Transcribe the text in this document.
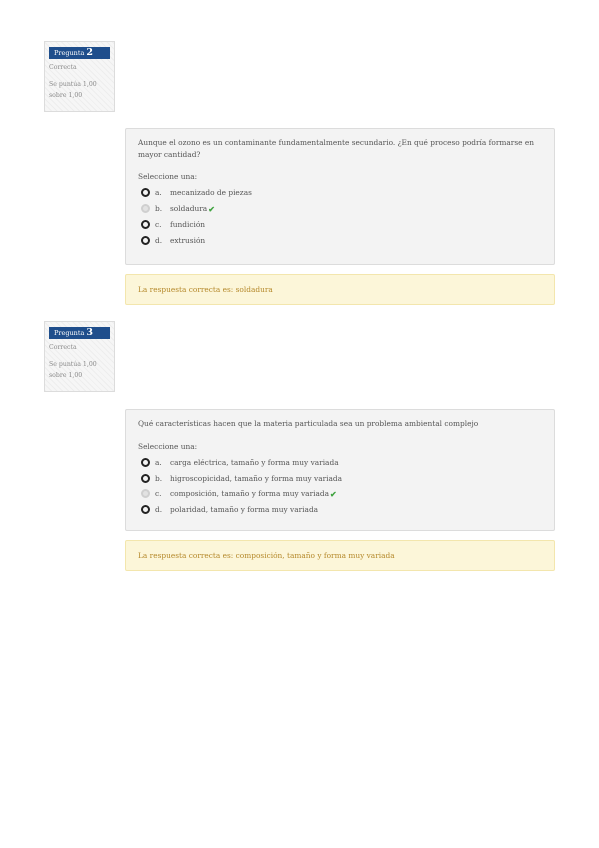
Pregunta 2
Correcta
Se puntúa 1,00
sobre 1,00
Aunque el ozono es un contaminante fundamentalmente secundario. ¿En qué proceso podría formarse en mayor cantidad?
Seleccione una:
a.	mecanizado de piezas
b.	soldadura ✔
c.	fundición
d.	extrusión
La respuesta correcta es: soldadura
Pregunta 3
Correcta
Se puntúa 1,00
sobre 1,00
Qué características hacen que la materia particulada sea un problema ambiental complejo
Seleccione una:
a.	carga eléctrica, tamaño y forma muy variada
b.	higroscopicidad, tamaño y forma muy variada
c.	composición, tamaño y forma muy variada ✔
d.	polaridad, tamaño y forma muy variada
La respuesta correcta es: composición, tamaño y forma muy variada
